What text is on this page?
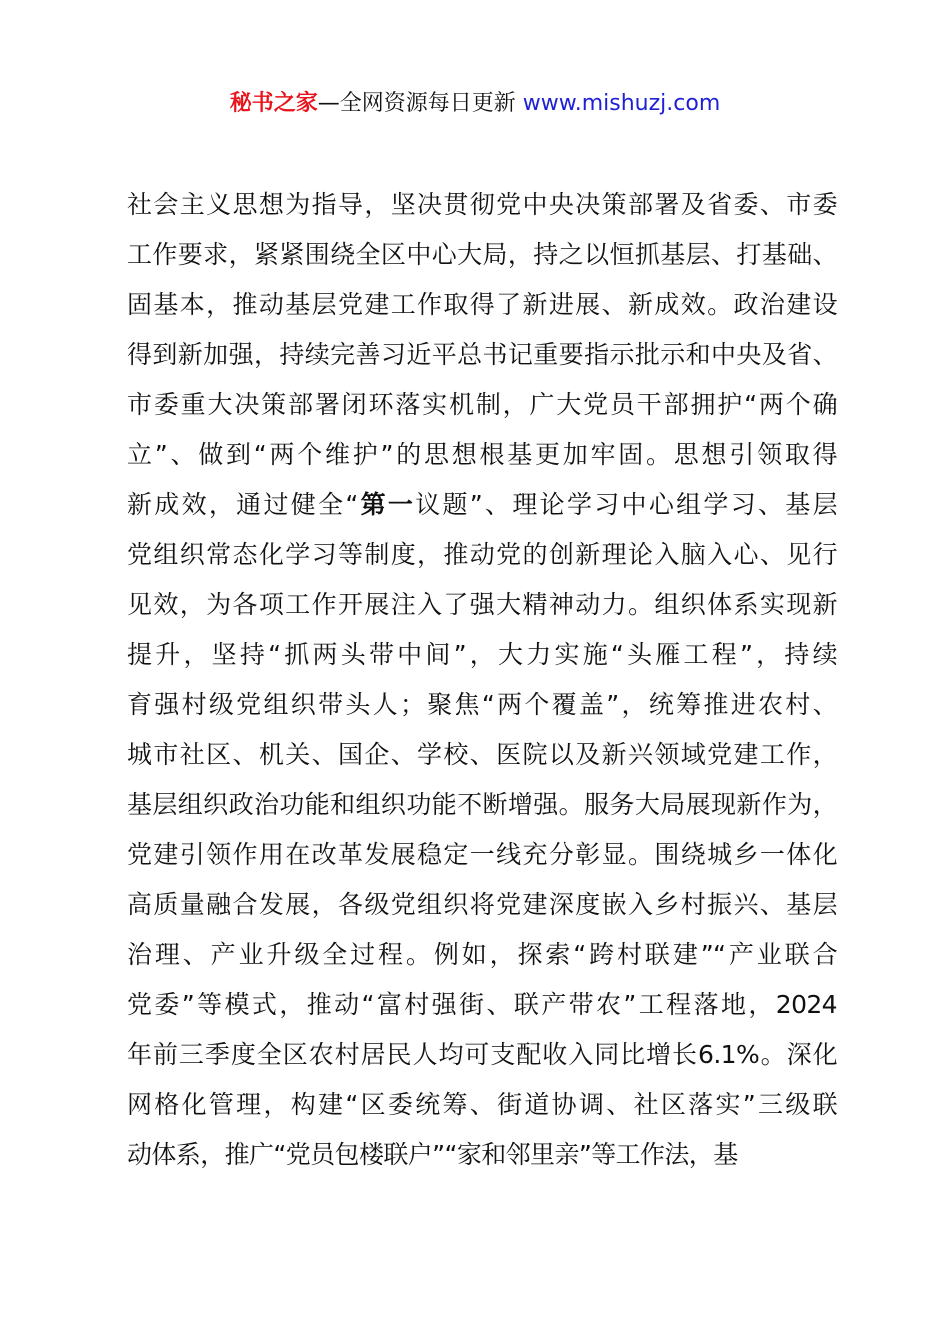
秘书之家—全网资源每日更新 www.mishuzj.com
社会主义思想为指导，坚决贯彻党中央决策部署及省委、市委
工作要求，紧紧围绕全区中心大局，持之以恒抓基层、打基础、
固基本，推动基层党建工作取得了新进展、新成效。政治建设
得到新加强，持续完善习近平总书记重要指示批示和中央及省、
市委重大决策部署闭环落实机制，广大党员干部拥护“两个确
立”、做到“两个维护”的思想根基更加牢固。思想引领取得
新成效，通过健全“第一议题”、理论学习中心组学习、基层
党组织常态化学习等制度，推动党的创新理论入脑入心、见行
见效，为各项工作开展注入了强大精神动力。组织体系实现新
提升，坚持“抓两头带中间”，大力实施“头雁工程”，持续
育强村级党组织带头人；聚焦“两个覆盖”，统筹推进农村、
城市社区、机关、国企、学校、医院以及新兴领域党建工作，
基层组织政治功能和组织功能不断增强。服务大局展现新作为，
党建引领作用在改革发展稳定一线充分彰显。围绕城乡一体化
高质量融合发展，各级党组织将党建深度嵌入乡村振兴、基层
治理、产业升级全过程。例如，探索“跨村联建”“产业联合
党委”等模式，推动“富村强街、联产带农”工程落地，2024
年前三季度全区农村居民人均可支配收入同比增长6.1%。深化
网格化管理，构建“区委统筹、街道协调、社区落实”三级联
动体系，推广“党员包楼联户”“家和邻里亲”等工作法，基
